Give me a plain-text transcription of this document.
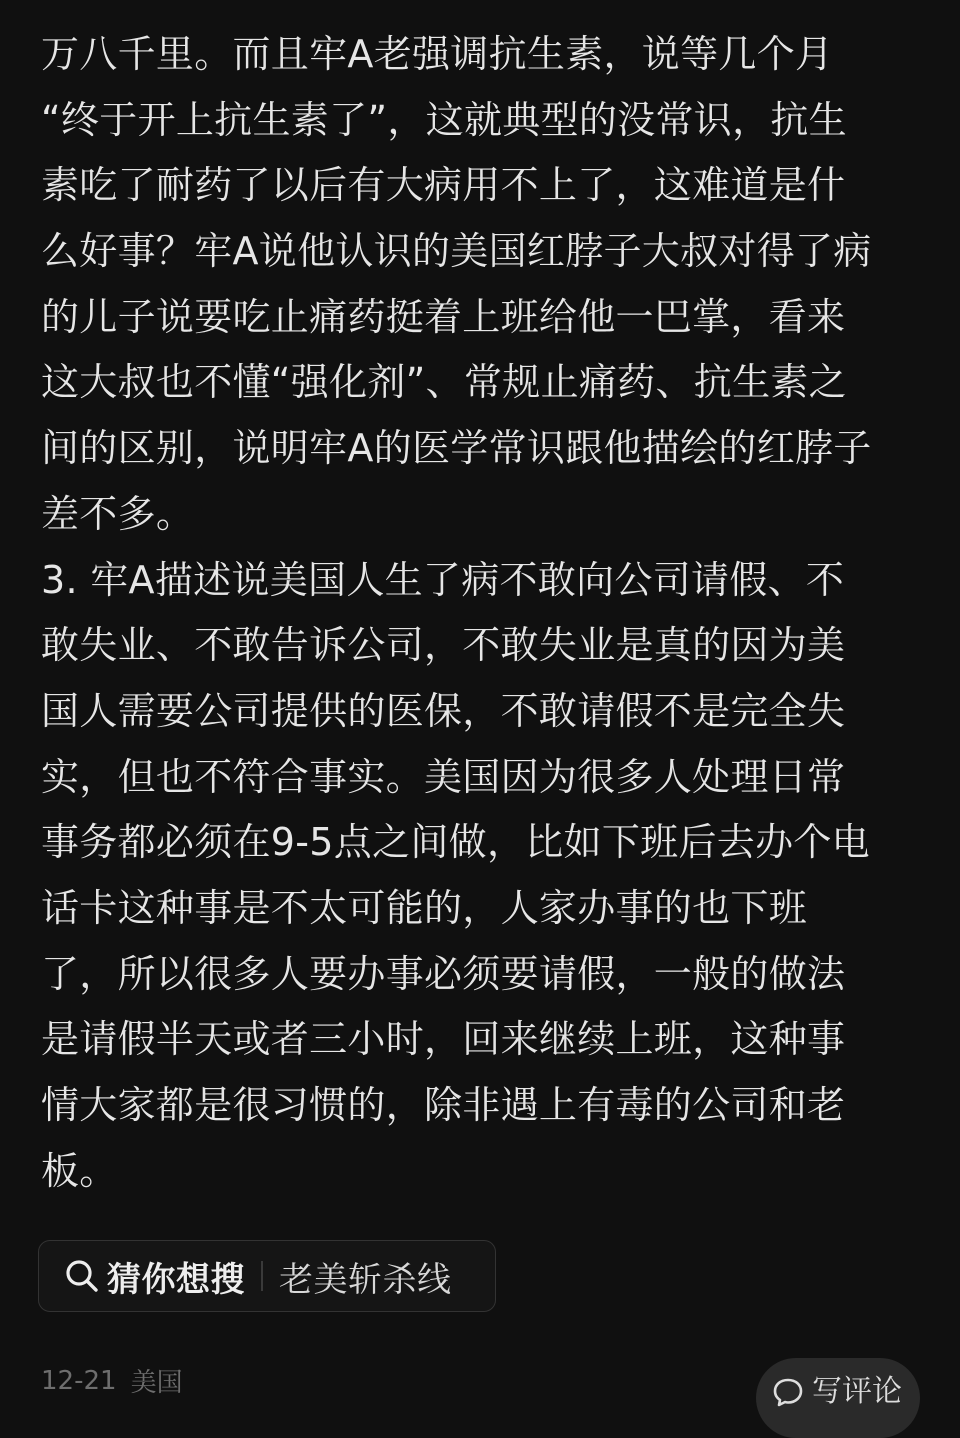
万八千里。而且牢A老强调抗生素，说等几个月
“终于开上抗生素了”，这就典型的没常识，抗生
素吃了耐药了以后有大病用不上了，这难道是什
么好事？牢A说他认识的美国红脖子大叔对得了病
的儿子说要吃止痛药挺着上班给他一巴掌，看来
这大叔也不懂“强化剂”、常规止痛药、抗生素之
间的区别，说明牢A的医学常识跟他描绘的红脖子
差不多。
3. 牢A描述说美国人生了病不敢向公司请假、不
敢失业、不敢告诉公司，不敢失业是真的因为美
国人需要公司提供的医保，不敢请假不是完全失
实，但也不符合事实。美国因为很多人处理日常
事务都必须在9-5点之间做，比如下班后去办个电
话卡这种事是不太可能的，人家办事的也下班
了，所以很多人要办事必须要请假，一般的做法
是请假半天或者三小时，回来继续上班，这种事
情大家都是很习惯的，除非遇上有毒的公司和老
板。
猜你想搜 老美斩杀线
12-21 美国	写评论
